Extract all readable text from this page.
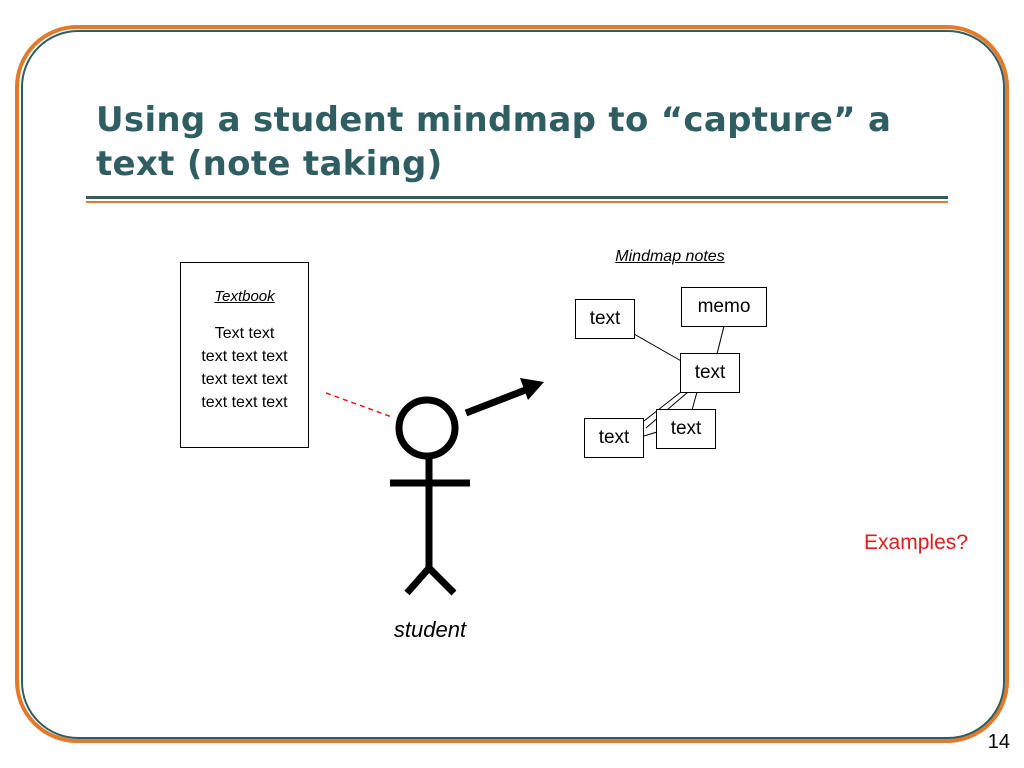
Using a student mindmap to “capture” a
text (note taking)
Textbook
Text text
text text text
text text text
text text text
Mindmap notes
text
memo
text
text
text
student
Examples?
14
